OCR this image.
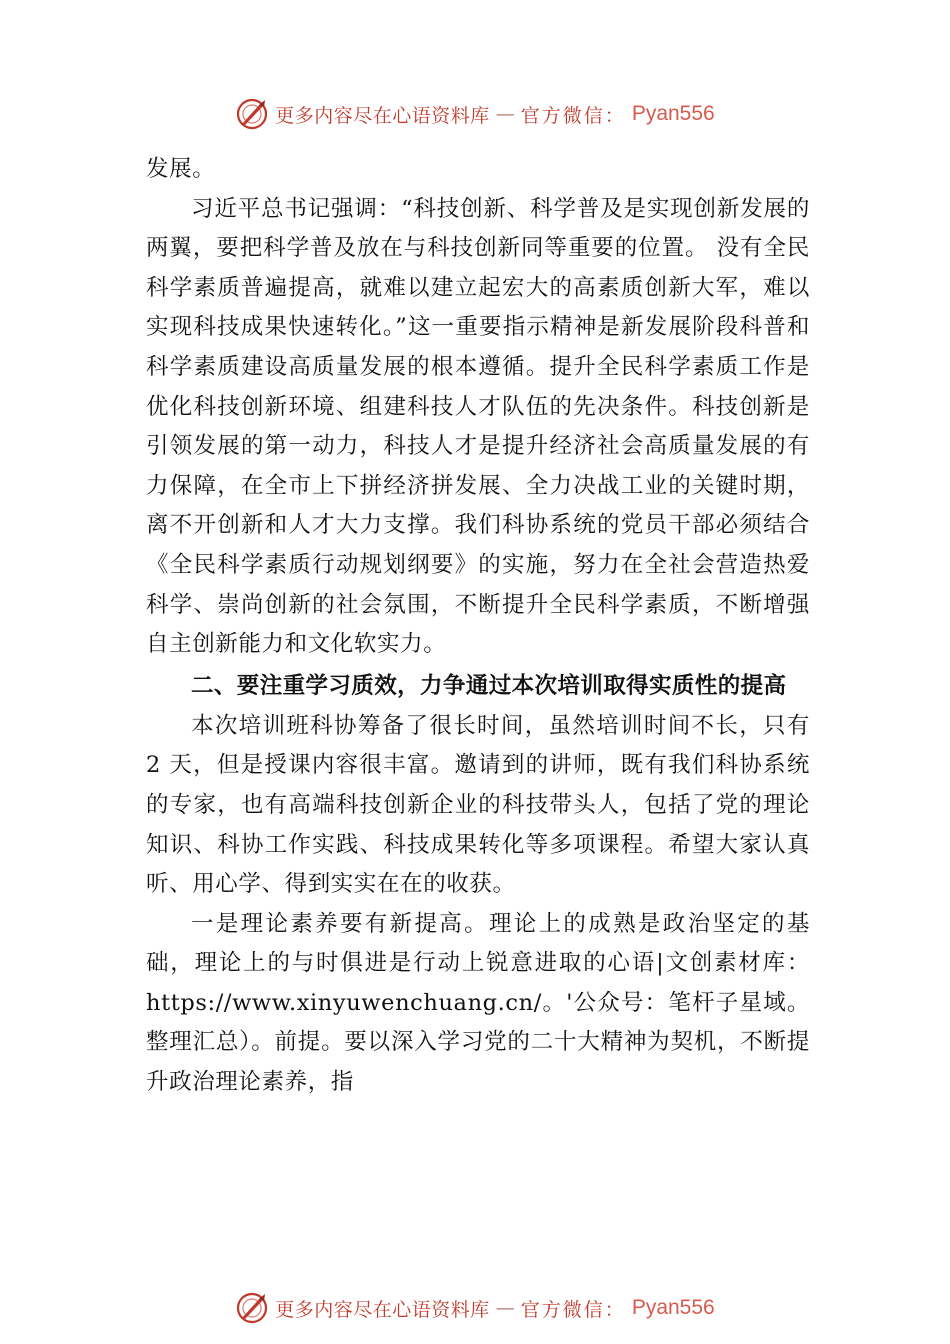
更多内容尽在心语资料库 — 官方微信： Pyan556

发展。

习近平总书记强调：“科技创新、科学普及是实现创新发展的两翼，要把科学普及放在与科技创新同等重要的位置。 没有全民科学素质普遍提高，就难以建立起宏大的高素质创新大军，难以实现科技成果快速转化。”这一重要指示精神是新发展阶段科普和科学素质建设高质量发展的根本遵循。提升全民科学素质工作是优化科技创新环境、组建科技人才队伍的先决条件。科技创新是引领发展的第一动力，科技人才是提升经济社会高质量发展的有力保障，在全市上下拼经济拼发展、全力决战工业的关键时期，离不开创新和人才大力支撑。我们科协系统的党员干部必须结合《全民科学素质行动规划纲要》的实施，努力在全社会营造热爱科学、崇尚创新的社会氛围，不断提升全民科学素质，不断增强自主创新能力和文化软实力。

二、要注重学习质效，力争通过本次培训取得实质性的提高

本次培训班科协筹备了很长时间，虽然培训时间不长，只有 2 天，但是授课内容很丰富。邀请到的讲师，既有我们科协系统的专家，也有高端科技创新企业的科技带头人，包括了党的理论知识、科协工作实践、科技成果转化等多项课程。希望大家认真听、用心学、得到实实在在的收获。

一是理论素养要有新提高。理论上的成熟是政治坚定的基础，理论上的与时俱进是行动上锐意进取的心语|文创素材库：https://www.xinyuwenchuang.cn/。'公众号：笔杆子星域。整理汇总）。前提。要以深入学习党的二十大精神为契机，不断提升政治理论素养，指

更多内容尽在心语资料库 — 官方微信： Pyan556
